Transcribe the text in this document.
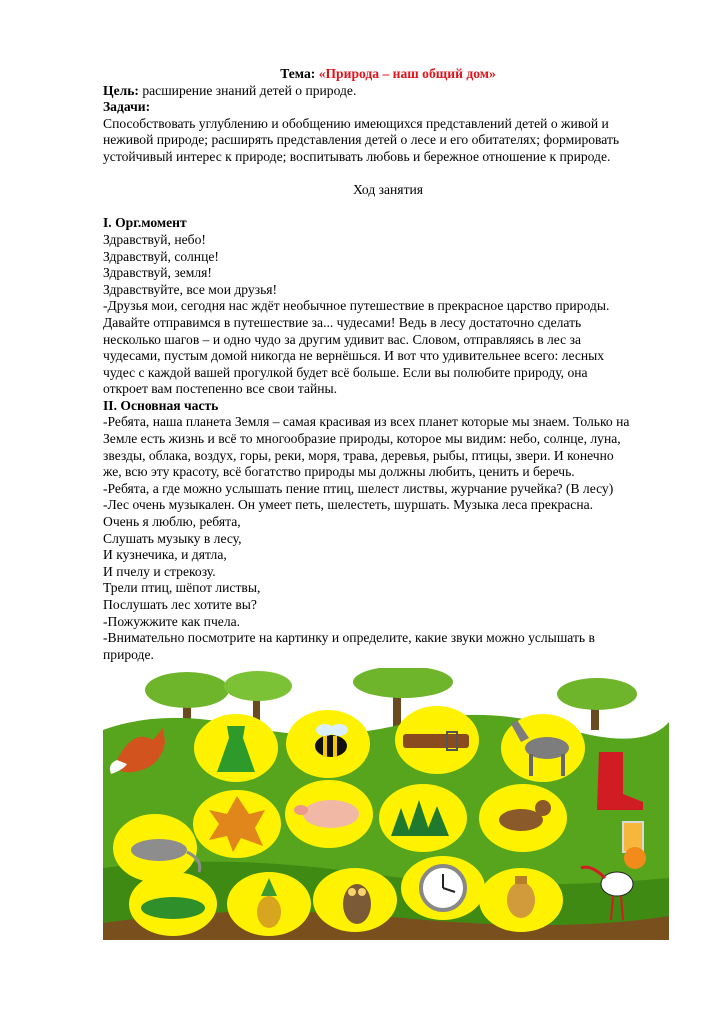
Тема: «Природа – наш общий дом»
Цель: расширение знаний детей о природе.
Задачи:
Способствовать углублению и обобщению имеющихся представлений детей о живой и
неживой природе; расширять представления детей о лесе и его обитателях; формировать
устойчивый интерес к природе; воспитывать любовь и бережное отношение к природе.
Ход занятия
I. Орг.момент
Здравствуй, небо!
Здравствуй, солнце!
Здравствуй, земля!
Здравствуйте, все мои друзья!
-Друзья мои, сегодня нас ждёт необычное путешествие в прекрасное царство природы.
Давайте отправимся в путешествие за... чудесами! Ведь в лесу достаточно сделать
несколько шагов – и одно чудо за другим удивит вас. Словом, отправляясь в лес за
чудесами, пустым домой никогда не вернёшься. И вот что удивительнее всего: лесных
чудес с каждой вашей прогулкой будет всё больше. Если вы полюбите природу, она
откроет вам постепенно все свои тайны.
II. Основная часть
-Ребята, наша планета Земля – самая красивая из всех планет которые мы знаем. Только на
Земле есть жизнь и всё то многообразие природы, которое мы видим: небо, солнце, луна,
звезды, облака, воздух, горы, реки, моря, трава, деревья, рыбы, птицы, звери. И конечно
же, всю эту красоту, всё богатство природы мы должны любить, ценить и беречь.
-Ребята, а где можно услышать пение птиц, шелест листвы, журчание ручейка? (В лесу)
-Лес очень музыкален. Он умеет петь, шелестеть, шуршать. Музыка леса прекрасна.
Очень я люблю, ребята,
Слушать музыку в лесу,
И кузнечика, и дятла,
И пчелу и стрекозу.
Трели птиц, шёпот листвы,
Послушать лес хотите вы?
-Пожужжите как пчела.
-Внимательно посмотрите на картинку и определите, какие звуки можно услышать в
природе.
